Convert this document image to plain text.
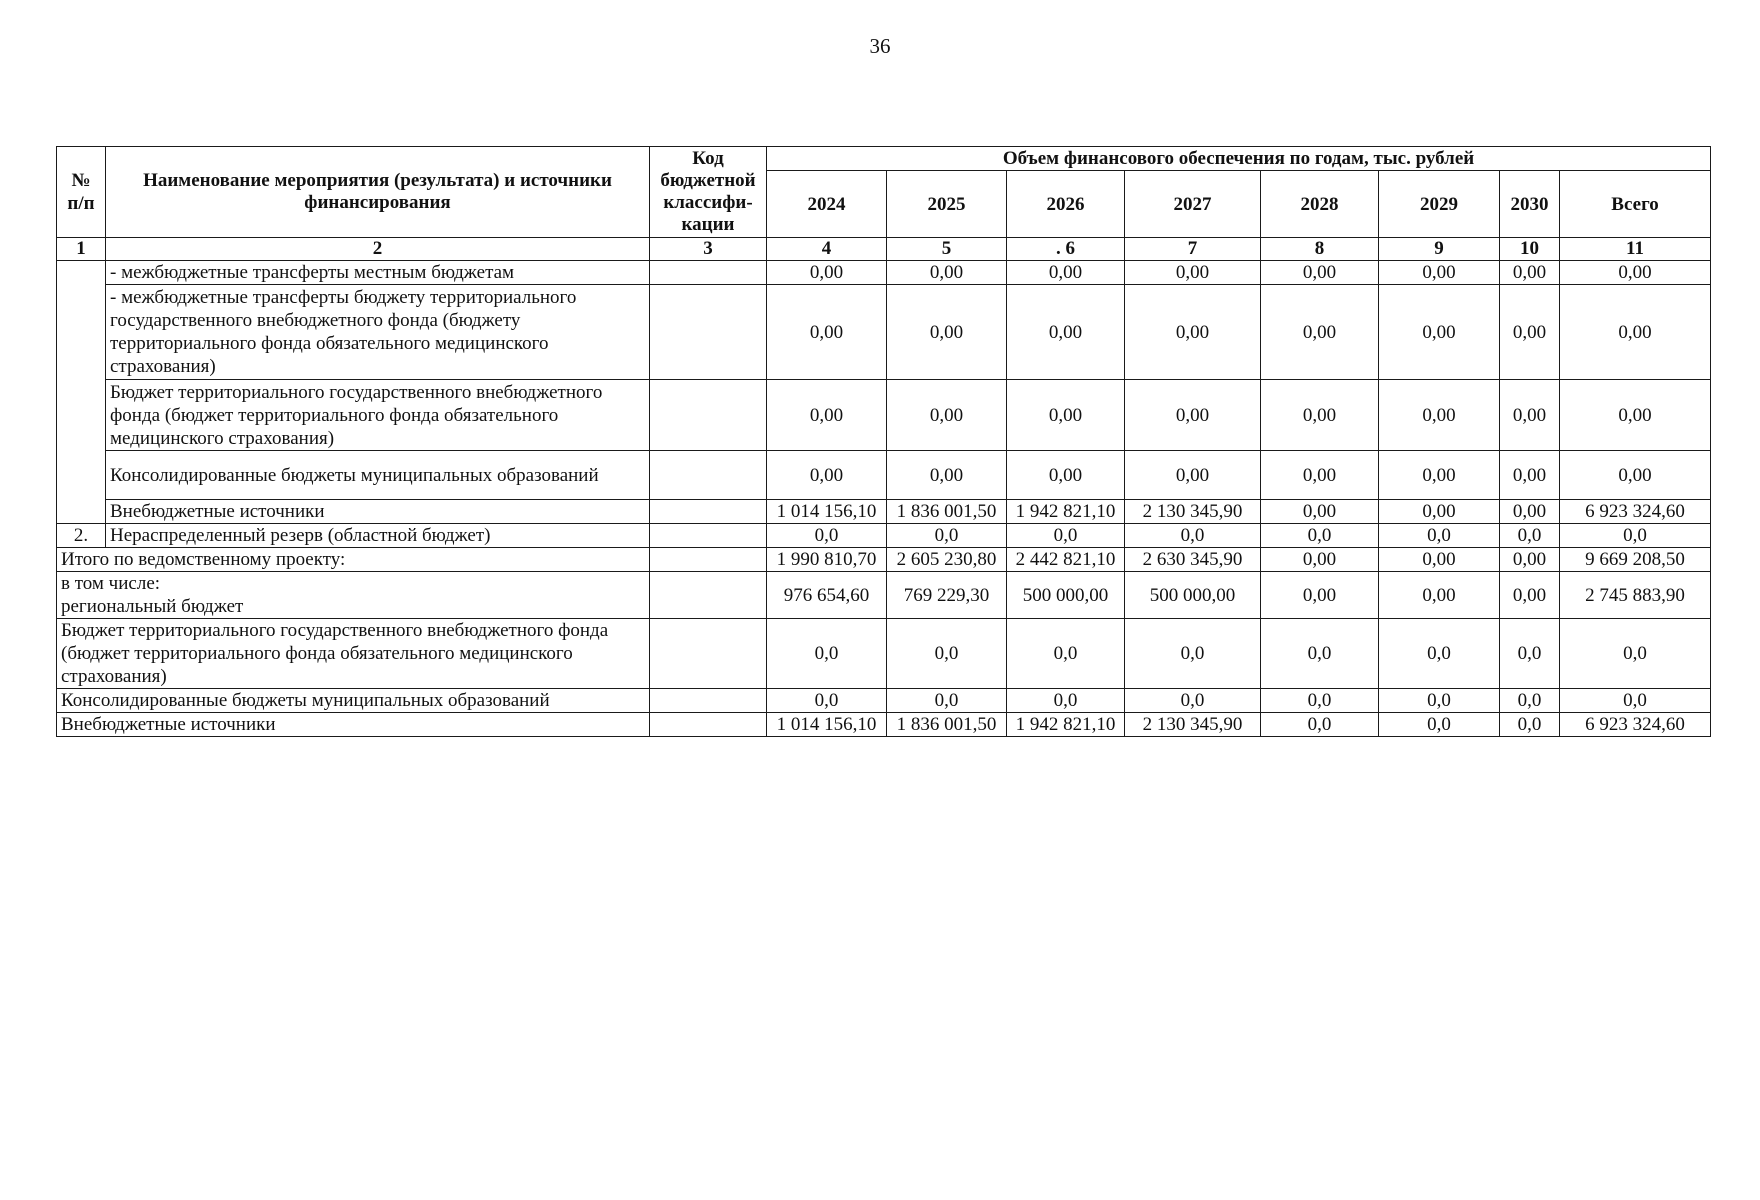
36
№ п/п	Наименование мероприятия (результата) и источники финансирования	Код бюджетной классифи-кации	Объем финансового обеспечения по годам, тыс. рублей							
			2024	2025	2026	2027	2028	2029	2030	Всего
1	2	3	4	5	. 6	7	8	9	10	11
	- межбюджетные трансферты местным бюджетам		0,00	0,00	0,00	0,00	0,00	0,00	0,00	0,00
	- межбюджетные трансферты бюджету территориального государственного внебюджетного фонда (бюджету территориального фонда обязательного медицинского страхования)		0,00	0,00	0,00	0,00	0,00	0,00	0,00	0,00
	Бюджет территориального государственного внебюджетного фонда (бюджет территориального фонда обязательного медицинского страхования)		0,00	0,00	0,00	0,00	0,00	0,00	0,00	0,00
	Консолидированные бюджеты муниципальных образований		0,00	0,00	0,00	0,00	0,00	0,00	0,00	0,00
	Внебюджетные источники		1 014 156,10	1 836 001,50	1 942 821,10	2 130 345,90	0,00	0,00	0,00	6 923 324,60
2.	Нераспределенный резерв (областной бюджет)		0,0	0,0	0,0	0,0	0,0	0,0	0,0	0,0
Итого по ведомственному проекту:			1 990 810,70	2 605 230,80	2 442 821,10	2 630 345,90	0,00	0,00	0,00	9 669 208,50

в том числе:
региональный бюджет			976 654,60	769 229,30	500 000,00	500 000,00	0,00	0,00	0,00	2 745 883,90
Бюджет территориального государственного внебюджетного фонда (бюджет территориального фонда обязательного медицинского страхования)			0,0	0,0	0,0	0,0	0,0	0,0	0,0	0,0
Консолидированные бюджеты муниципальных образований			0,0	0,0	0,0	0,0	0,0	0,0	0,0	0,0
Внебюджетные источники			1 014 156,10	1 836 001,50	1 942 821,10	2 130 345,90	0,0	0,0	0,0	6 923 324,60
